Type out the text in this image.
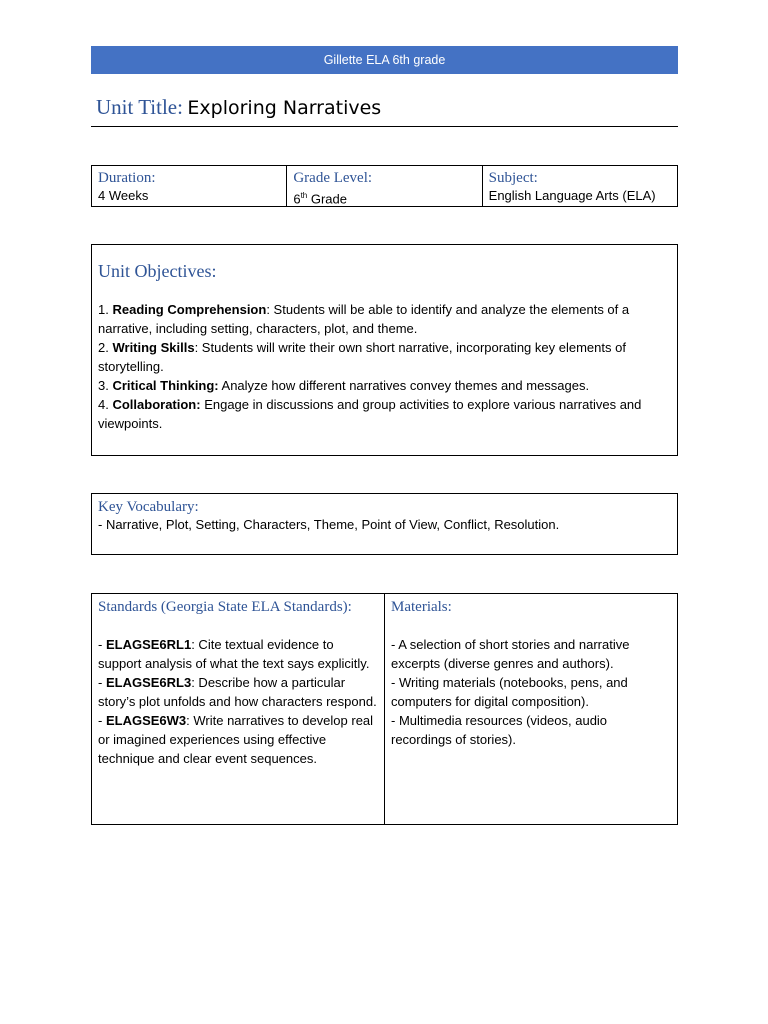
Gillette ELA 6th grade
Unit Title: Exploring Narratives
Duration:
4 Weeks
Grade Level:
6th Grade
Subject:
English Language Arts (ELA)
Unit Objectives:
1. Reading Comprehension: Students will be able to identify and analyze the elements of a narrative, including setting, characters, plot, and theme.
2. Writing Skills: Students will write their own short narrative, incorporating key elements of storytelling.
3. Critical Thinking: Analyze how different narratives convey themes and messages.
4. Collaboration: Engage in discussions and group activities to explore various narratives and viewpoints.
Key Vocabulary:
- Narrative, Plot, Setting, Characters, Theme, Point of View, Conflict, Resolution.
Standards (Georgia State ELA Standards):
- ELAGSE6RL1: Cite textual evidence to support analysis of what the text says explicitly.
- ELAGSE6RL3: Describe how a particular story’s plot unfolds and how characters respond.
- ELAGSE6W3: Write narratives to develop real or imagined experiences using effective technique and clear event sequences.
Materials:
- A selection of short stories and narrative excerpts (diverse genres and authors).
- Writing materials (notebooks, pens, and computers for digital composition).
- Multimedia resources (videos, audio recordings of stories).
